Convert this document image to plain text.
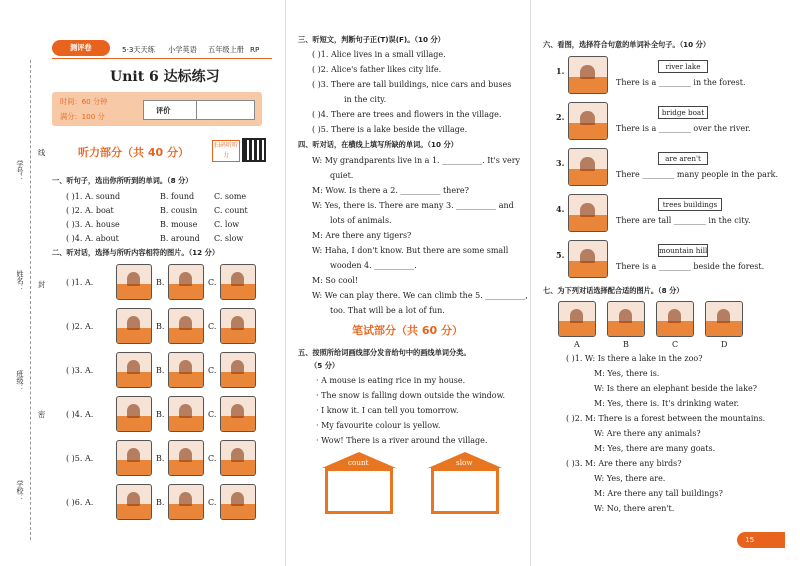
学校：
班级：
姓名：
学号：
密
封
线
测评卷	5·3天天练 小学英语 五年级上册 RP
Unit 6 达标练习
时间：60 分钟
满分：100 分
评价
听力部分（共 40 分）
扫码听听力
一、听句子，选出你所听到的单词。（8 分）
( )1. A. sound	B. found C. some
( )2. A. boat	B. cousin C. count
( )3. A. house	B. mouse C. low
( )4. A. about	B. around C. slow
二、听对话，选择与所听内容相符的图片。（12 分）
( )1. A.	B.	C.
( )2. A.	B.	C.
( )3. A.	B.	C.
( )4. A.	B.	C.
( )5. A.	B.	C.
( )6. A.	B.	C.
三、听短文，判断句子正(T)误(F)。（10 分）
( )1. Alice lives in a small village.
( )2. Alice's father likes city life.
( )3. There are tall buildings, nice cars and buses
in the city.
( )4. There are trees and flowers in the village.
( )5. There is a lake beside the village.
四、听对话，在横线上填写所缺的单词。（10 分）
W: My grandparents live in a 1. __________. It's very
quiet.
M: Wow. Is there a 2. __________ there?
W: Yes, there is. There are many 3. __________ and
lots of animals.
M: Are there any tigers?
W: Haha, I don't know. But there are some small
wooden 4. __________.
M: So cool!
W: We can play there. We can climb the 5. __________,
too. That will be a lot of fun.
笔试部分（共 60 分）
五、按照所给词画线部分发音给句中的画线单词分类。
（5 分）
· A mouse is eating rice in my house.
· The snow is falling down outside the window.
· I know it. I can tell you tomorrow.
· My favourite colour is yellow.
· Wow! There is a river around the village.
count	slow
六、看图，选择符合句意的单词补全句子。（10 分）
1.	river lake
There is a ________ in the forest.
2.	bridge boat
There is a ________ over the river.
3.	are aren't
There ________ many people in the park.
4.	trees buildings
There are tall ________ in the city.
5.	mountain hill
There is a ________ beside the forest.
七、为下列对话选择配合适的图片。（8 分）
A	B	C	D
( )1. W: Is there a lake in the zoo?
M: Yes, there is.
W: Is there an elephant beside the lake?
M: Yes, there is. It's drinking water.
( )2. M: There is a forest between the mountains.
W: Are there any animals?
M: Yes, there are many goats.
( )3. M: Are there any birds?
W: Yes, there are.
M: Are there any tall buildings?
W: No, there aren't.
15
